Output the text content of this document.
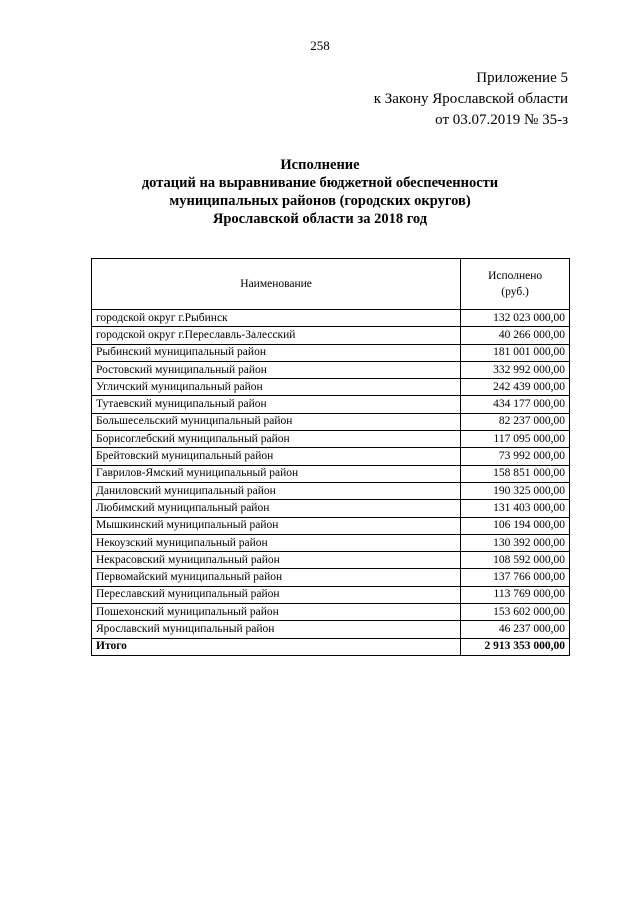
258
Приложение 5
к Закону Ярославской области
от 03.07.2019 № 35-з
Исполнение
дотаций на выравнивание бюджетной обеспеченности
муниципальных районов (городских округов)
Ярославской области за 2018 год
Наименование	Исполнено
(руб.)

городской округ г.Рыбинск	132 023 000,00
городской округ г.Переславль-Залесский	40 266 000,00
Рыбинский муниципальный район	181 001 000,00
Ростовский муниципальный район	332 992 000,00
Угличский муниципальный район	242 439 000,00
Тутаевский муниципальный район	434 177 000,00
Большесельский муниципальный район	82 237 000,00
Борисоглебский муниципальный район	117 095 000,00
Брейтовский муниципальный район	73 992 000,00
Гаврилов-Ямский муниципальный район	158 851 000,00
Даниловский муниципальный район	190 325 000,00
Любимский муниципальный район	131 403 000,00
Мышкинский муниципальный район	106 194 000,00
Некоузский муниципальный район	130 392 000,00
Некрасовский муниципальный район	108 592 000,00
Первомайский муниципальный район	137 766 000,00
Переславский муниципальный район	113 769 000,00
Пошехонский муниципальный район	153 602 000,00
Ярославский муниципальный район	46 237 000,00
Итого	2 913 353 000,00
